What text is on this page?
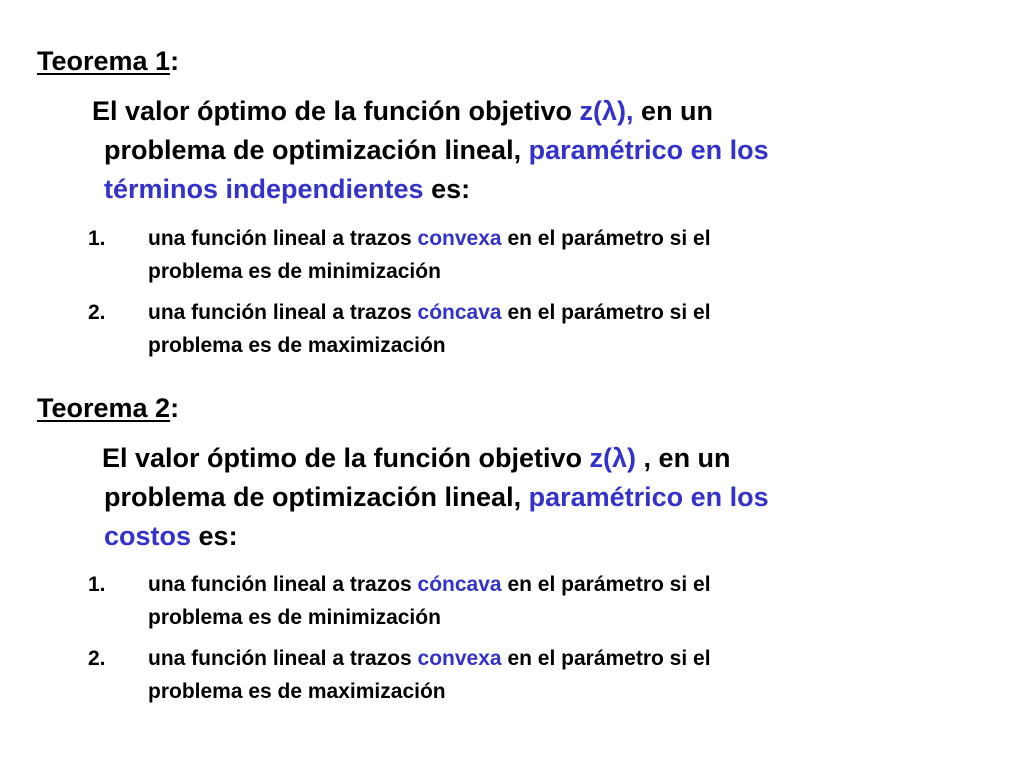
Teorema 1:
El valor óptimo de la función objetivo z(λ), en un
problema de optimización lineal, paramétrico en los
términos independientes es:
1. una función lineal a trazos convexa en el parámetro si el
problema es de minimización
2. una función lineal a trazos cóncava en el parámetro si el
problema es de maximización
Teorema 2:
El valor óptimo de la función objetivo z(λ) , en un
problema de optimización lineal, paramétrico en los
costos es:
1. una función lineal a trazos cóncava en el parámetro si el
problema es de minimización
2. una función lineal a trazos convexa en el parámetro si el
problema es de maximización
